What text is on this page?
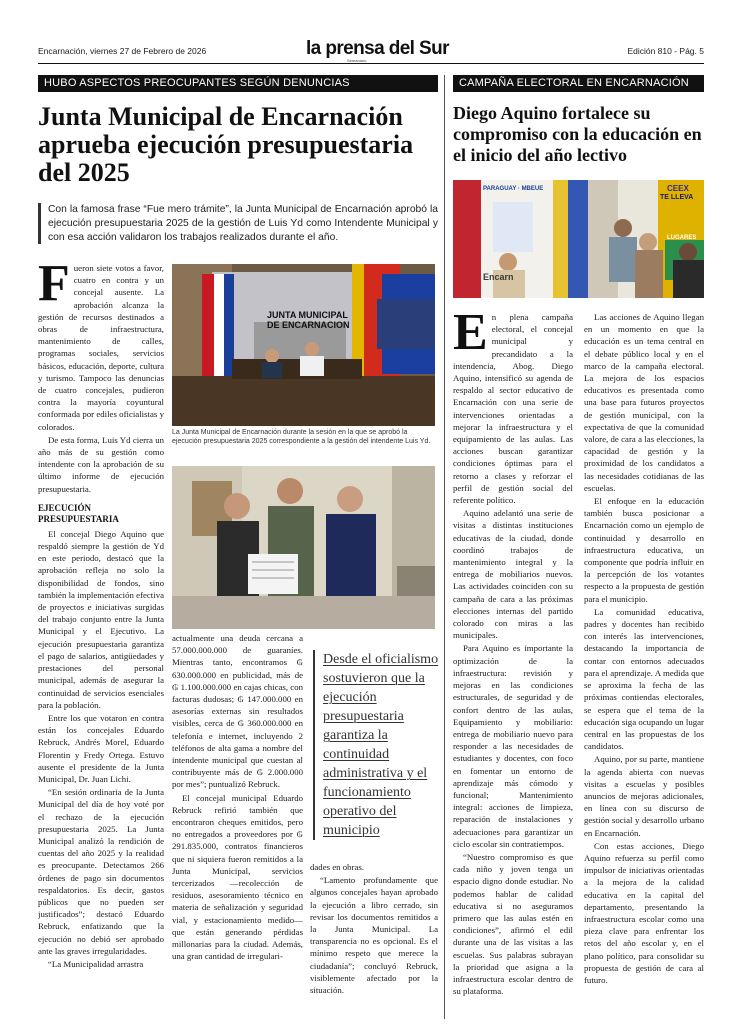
Encarnación, viernes 27 de Febrero de 2026	la prensa del Sur
Semanario
Edición 810 - Pág. 5
HUBO ASPECTOS PREOCUPANTES SEGÚN DENUNCIAS	CAMPAÑA ELECTORAL EN ENCARNACIÓN
Junta Municipal de Encarnación aprueba ejecución presupuestaria del 2025
Diego Aquino fortalece su compromiso con la educación en el inicio del año lectivo
Con la famosa frase “Fue mero trámite”, la Junta Municipal de Encarnación aprobó la ejecución presupuestaria 2025 de la gestión de Luis Yd como Intendente Municipal y con esa acción validaron los trabajos realizados durante el año.

Fueron siete votos a favor, cuatro en contra y un concejal ausente. La aprobación alcanza la gestión de recursos destinados a obras de infraestructura, mantenimiento de calles, programas sociales, servicios básicos, educación, deporte, cultura y turismo. Tampoco las denuncias de cuatro concejales, pudieron contra la mayoría coyuntural conformada por ediles oficialistas y colorados.

De esta forma, Luis Yd cierra un año más de su gestión como intendente con la aprobación de su último informe de ejecución presupuestaria.

EJECUCIÓN PRESUPUESTARIA

El concejal Diego Aquino que respaldó siempre la gestión de Yd en este periodo, destacó que la aprobación refleja no solo la disponibilidad de fondos, sino también la implementación efectiva de proyectos e iniciativas surgidas del trabajo conjunto entre la Junta Municipal y el Ejecutivo. La ejecución presupuestaria garantiza el pago de salarios, antigüedades y prestaciones del personal municipal, además de asegurar la continuidad de servicios esenciales para la población.

Entre los que votaron en contra están los concejales Eduardo Rebruck, Andrés Morel, Eduardo Florentin y Fredy Ortega. Estuvo ausente el presidente de la Junta Municipal, Dr. Juan Lichi.

“En sesión ordinaria de la Junta Municipal del día de hoy voté por el rechazo de la ejecución presupuestaria 2025. La Junta Municipal analizó la rendición de cuentas del año 2025 y la realidad es preocupante. Detectamos 266 órdenes de pago sin documentos respaldatorios. Es decir, gastos públicos que no pueden ser justificados”; destacó Eduardo Rebruck, enfatizando que la ejecución no debió ser aprobado ante las graves irregularidades.

“La Municipalidad arrastra

JUNTA MUNICIPAL DE ENCARNACION
La Junta Municipal de Encarnación durante la sesión en la que se aprobó la ejecución presupuestaria 2025 correspondiente a la gestión del intendente Luis Yd.

actualmente una deuda cercana a 57.000.000.000 de guaraníes. Mientras tanto, encontramos ₲ 630.000.000 en publicidad, más de ₲ 1.100.000.000 en cajas chicas, con facturas dudosas; ₲ 147.000.000 en asesorías externas sin resultados visibles, cerca de ₲ 360.000.000 en telefonía e internet, incluyendo 2 teléfonos de alta gama a nombre del intendente municipal que cuestan al contribuyente más de ₲ 2.000.000 por mes”; puntualizó Rebruck.

El concejal municipal Eduardo Rebruck refirió también que encontraron cheques emitidos, pero no entregados a proveedores por ₲ 291.835.000, contratos financieros que ni siquiera fueron remitidos a la Junta Municipal, servicios tercerizados —recolección de residuos, asesoramiento técnico en materia de señalización y seguridad vial, y estacionamiento medido— que están generando pérdidas millonarias para la ciudad. Además, una gran cantidad de irregulari-

Desde el oficialismo sostuvieron que la ejecución presupuestaria garantiza la continuidad administrativa y el funcionamiento operativo del municipio

dades en obras.

“Lamento profundamente que algunos concejales hayan aprobado la ejecución a libro cerrado, sin revisar los documentos remitidos a la Junta Municipal. La transparencia no es opcional. Es el mínimo respeto que merece la ciudadanía”; concluyó Rebruck, visiblemente afectado por la situación.

PARAGUAY · MBEUE
Encarn
CEEX
TE LLEVA
LUGARES

En plena campaña electoral, el concejal municipal y precandidato a la intendencia, Abog. Diego Aquino, intensificó su agenda de respaldo al sector educativo de Encarnación con una serie de intervenciones orientadas a mejorar la infraestructura y el equipamiento de las aulas. Las acciones buscan garantizar condiciones óptimas para el retorno a clases y reforzar el perfil de gestión social del referente político.

Aquino adelantó una serie de visitas a distintas instituciones educativas de la ciudad, donde coordinó trabajos de mantenimiento integral y la entrega de mobiliarios nuevos. Las actividades coinciden con su campaña de cara a las próximas elecciones internas del partido colorado con miras a las municipales.

Para Aquino es importante la optimización de la infraestructura: revisión y mejoras en las condiciones estructurales, de seguridad y de confort dentro de las aulas, Equipamiento y mobiliario: entrega de mobiliario nuevo para responder a las necesidades de estudiantes y docentes, con foco en fomentar un entorno de aprendizaje más cómodo y funcional; Mantenimiento integral: acciones de limpieza, reparación de instalaciones y adecuaciones para garantizar un ciclo escolar sin contratiempos.

“Nuestro compromiso es que cada niño y joven tenga un espacio digno donde estudiar. No podemos hablar de calidad educativa si no aseguramos primero que las aulas estén en condiciones”, afirmó el edil durante una de las visitas a las escuelas. Sus palabras subrayan la prioridad que asigna a la infraestructura escolar dentro de su plataforma.

Las acciones de Aquino llegan en un momento en que la educación es un tema central en el debate público local y en el marco de la campaña electoral. La mejora de los espacios educativos es presentada como una base para futuros proyectos de gestión municipal, con la expectativa de que la comunidad valore, de cara a las elecciones, la capacidad de gestión y la proximidad de los candidatos a las necesidades cotidianas de las escuelas.

El enfoque en la educación también busca posicionar a Encarnación como un ejemplo de continuidad y desarrollo en infraestructura educativa, un componente que podría influir en la percepción de los votantes respecto a la propuesta de gestión para el municipio.

La comunidad educativa, padres y docentes han recibido con interés las intervenciones, destacando la importancia de contar con entornos adecuados para el aprendizaje. A medida que se aproxima la fecha de las próximas contiendas electorales, se espera que el tema de la educación siga ocupando un lugar central en las propuestas de los candidatos.

Aquino, por su parte, mantiene la agenda abierta con nuevas visitas a escuelas y posibles anuncios de mejoras adicionales, en línea con su discurso de gestión social y desarrollo urbano en Encarnación.

Con estas acciones, Diego Aquino refuerza su perfil como impulsor de iniciativas orientadas a la mejora de la calidad educativa en la capital del departamento, presentando la infraestructura escolar como una pieza clave para enfrentar los retos del año escolar y, en el plano político, para consolidar su propuesta de gestión de cara al futuro.
